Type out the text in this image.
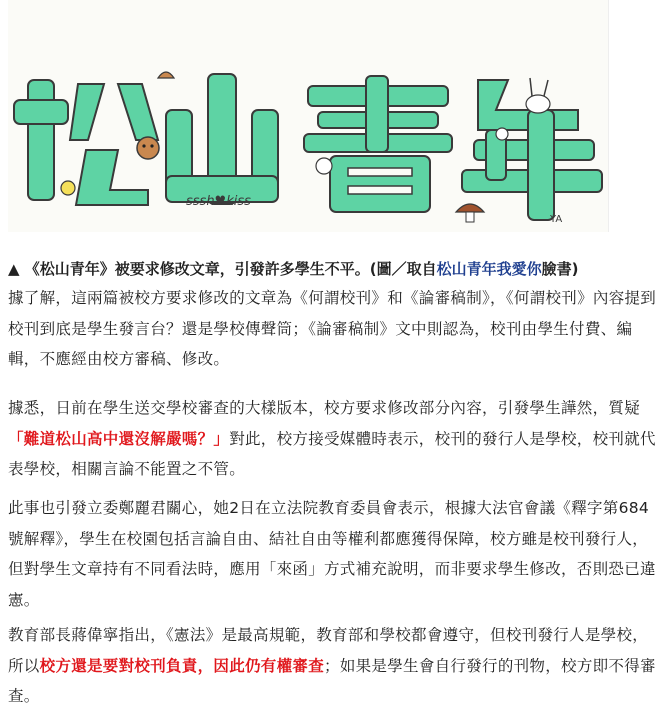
sssh♥kiss
YA
▲ 《松山青年》被要求修改文章，引發許多學生不平。(圖／取自松山青年我愛你臉書)

據了解，這兩篇被校方要求修改的文章為《何謂校刊》和《論審稿制》，《何謂校刊》內容提到校刊到底是學生發言台？還是學校傳聲筒；《論審稿制》文中則認為，校刊由學生付費、編輯，不應經由校方審稿、修改。

據悉，日前在學生送交學校審查的大樣版本，校方要求修改部分內容，引發學生譁然，質疑「難道松山高中還沒解嚴嗎？」對此，校方接受媒體時表示，校刊的發行人是學校，校刊就代表學校，相關言論不能置之不管。

此事也引發立委鄭麗君關心，她2日在立法院教育委員會表示，根據大法官會議《釋字第684號解釋》，學生在校園包括言論自由、結社自由等權利都應獲得保障，校方雖是校刊發行人，但對學生文章持有不同看法時，應用「來函」方式補充說明，而非要求學生修改，否則恐已違憲。

教育部長蔣偉寧指出，《憲法》是最高規範，教育部和學校都會遵守，但校刊發行人是學校，所以校方還是要對校刊負責，因此仍有權審查；如果是學生會自行發行的刊物，校方即不得審查。
